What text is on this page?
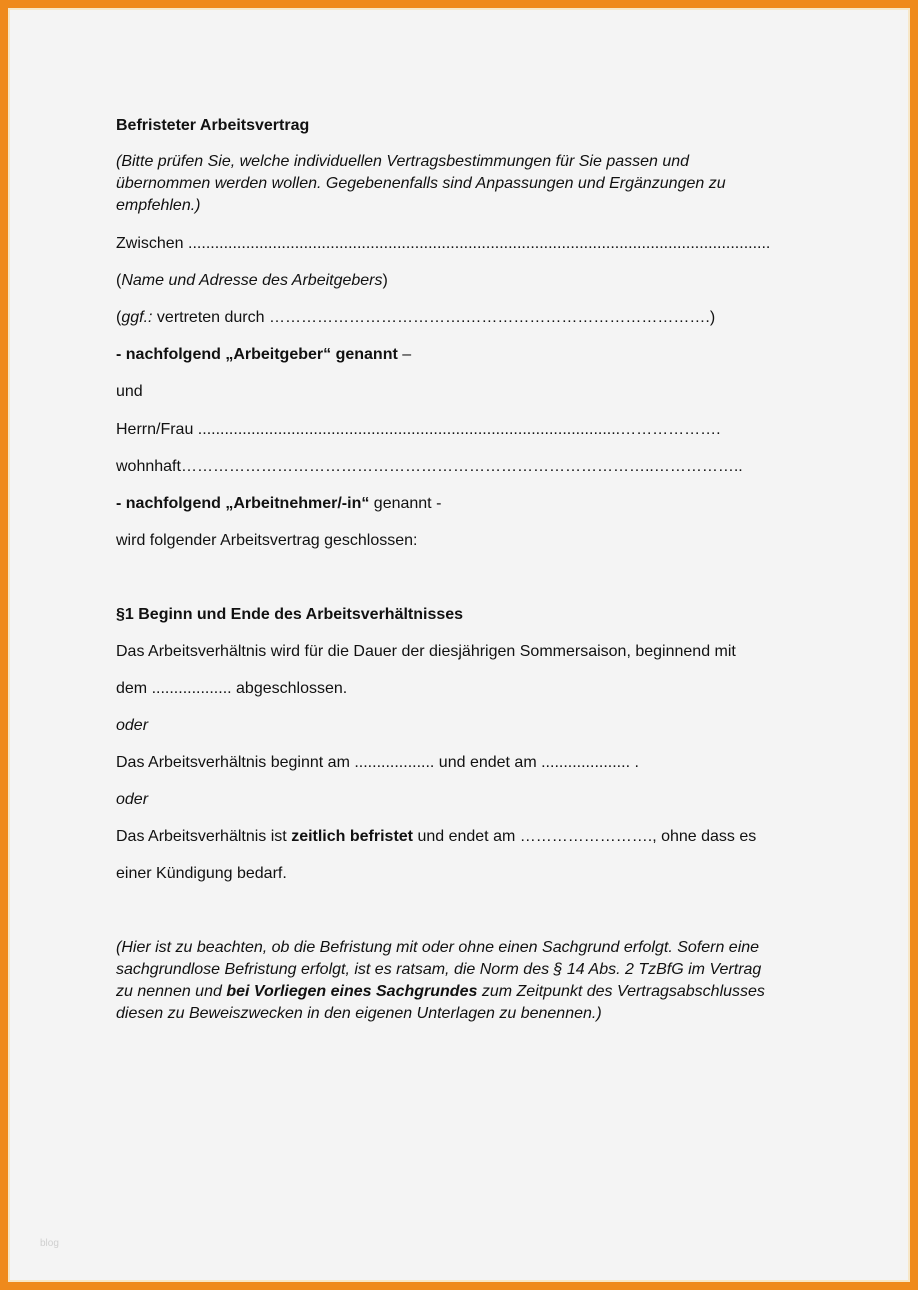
Befristeter Arbeitsvertrag
(Bitte prüfen Sie, welche individuellen Vertragsbestimmungen für Sie passen und
übernommen werden wollen. Gegebenenfalls sind Anpassungen und Ergänzungen zu
empfehlen.)
Zwischen ...................................................................................................................................
(Name und Adresse des Arbeitgebers)
(ggf.: vertreten durch ……………………………….……………………………………….)
- nachfolgend „Arbeitgeber“ genannt –
und
Herrn/Frau ...............................................................................................……………….
wohnhaft……………………………………………………………………………..……………..
- nachfolgend „Arbeitnehmer/-in“ genannt -
wird folgender Arbeitsvertrag geschlossen:
§1 Beginn und Ende des Arbeitsverhältnisses
Das Arbeitsverhältnis wird für die Dauer der diesjährigen Sommersaison, beginnend mit
dem .................. abgeschlossen.
oder
Das Arbeitsverhältnis beginnt am .................. und endet am .................... .
oder
Das Arbeitsverhältnis ist zeitlich befristet und endet am ……………………., ohne dass es
einer Kündigung bedarf.
(Hier ist zu beachten, ob die Befristung mit oder ohne einen Sachgrund erfolgt. Sofern eine
sachgrundlose Befristung erfolgt, ist es ratsam, die Norm des § 14 Abs. 2 TzBfG im Vertrag
zu nennen und bei Vorliegen eines Sachgrundes zum Zeitpunkt des Vertragsabschlusses
diesen zu Beweiszwecken in den eigenen Unterlagen zu benennen.)
blog
